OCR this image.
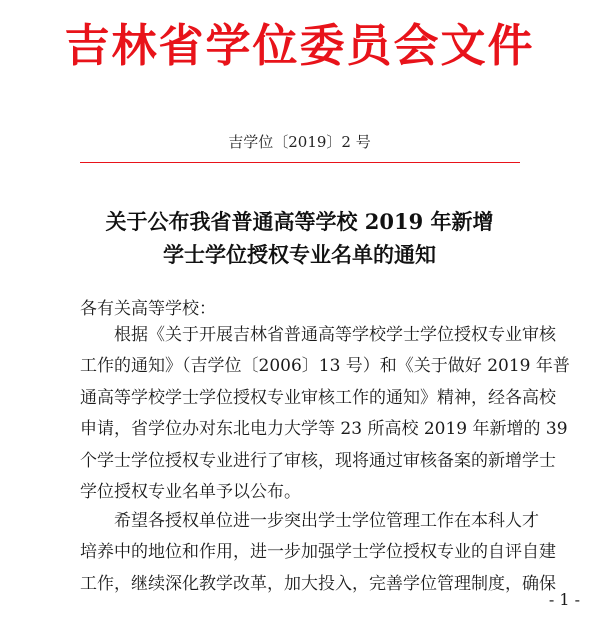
吉林省学位委员会文件
吉学位〔2019〕2 号
关于公布我省普通高等学校 2019 年新增
学士学位授权专业名单的通知
各有关高等学校：
根据《关于开展吉林省普通高等学校学士学位授权专业审核
工作的通知》（吉学位〔2006〕13 号）和《关于做好 2019 年普
通高等学校学士学位授权专业审核工作的通知》精神，经各高校
申请，省学位办对东北电力大学等 23 所高校 2019 年新增的 39
个学士学位授权专业进行了审核，现将通过审核备案的新增学士
学位授权专业名单予以公布。
希望各授权单位进一步突出学士学位管理工作在本科人才
培养中的地位和作用，进一步加强学士学位授权专业的自评自建
工作，继续深化教学改革，加大投入，完善学位管理制度，确保
- 1 -
